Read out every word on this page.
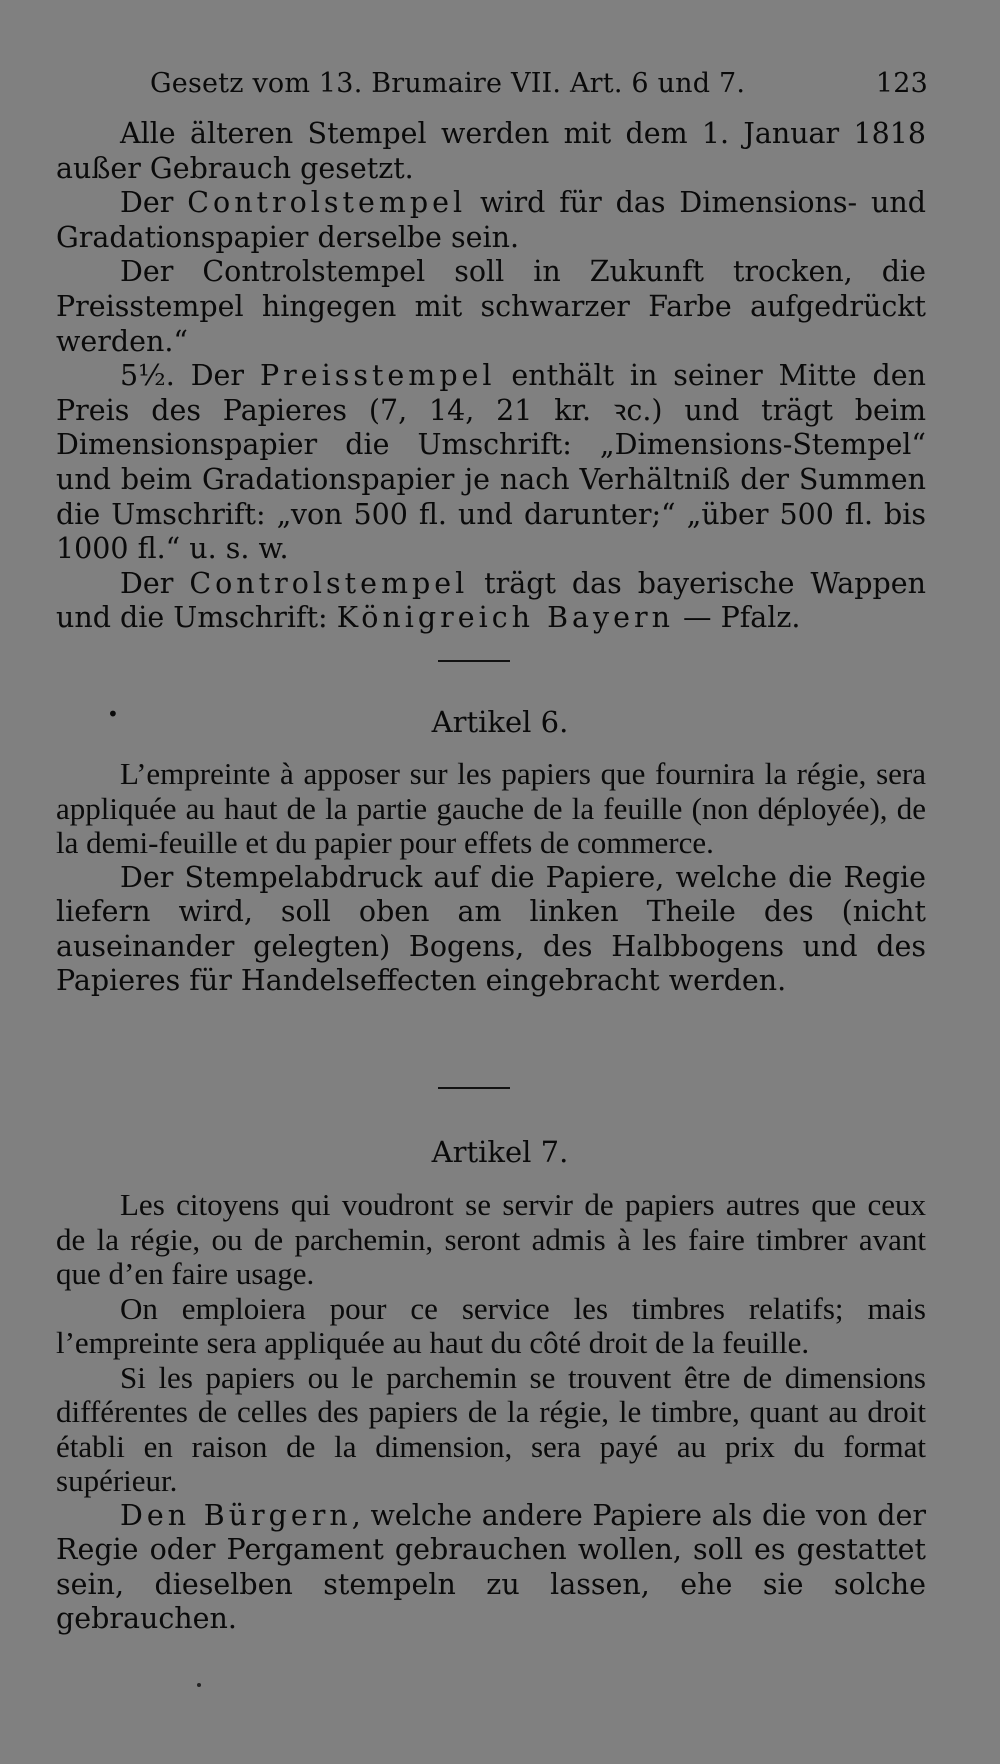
Gesetz vom 13. Brumaire VII. Art. 6 und 7.	123

Alle älteren Stempel werden mit dem 1. Januar 1818 außer Gebrauch gesetzt.

Der Controlstempel wird für das Dimensions- und Gradationspapier derselbe sein.

Der Controlstempel soll in Zukunft trocken, die Preisstempel hingegen mit schwarzer Farbe aufgedrückt werden.“

5½. Der Preisstempel enthält in seiner Mitte den Preis des Papieres (7, 14, 21 kr. ꝛc.) und trägt beim Dimensionspapier die Umschrift: „Dimensions-Stempel“ und beim Gradationspapier je nach Verhältniß der Summen die Umschrift: „von 500 fl. und darunter;“ „über 500 fl. bis 1000 fl.“ u. s. w.

Der Controlstempel trägt das bayerische Wappen und die Umschrift: Königreich Bayern — Pfalz.

•	Artikel 6.

L’empreinte à apposer sur les papiers que fournira la régie, sera appliquée au haut de la partie gauche de la feuille (non déployée), de la demi-feuille et du papier pour effets de commerce.

Der Stempelabdruck auf die Papiere, welche die Regie liefern wird, soll oben am linken Theile des (nicht auseinander gelegten) Bogens, des Halbbogens und des Papieres für Handelseffecten eingebracht werden.

Artikel 7.

Les citoyens qui voudront se servir de papiers autres que ceux de la régie, ou de parchemin, seront admis à les faire timbrer avant que d’en faire usage.

On emploiera pour ce service les timbres relatifs; mais l’empreinte sera appliquée au haut du côté droit de la feuille.

Si les papiers ou le parchemin se trouvent être de dimensions différentes de celles des papiers de la régie, le timbre, quant au droit établi en raison de la dimension, sera payé au prix du format supérieur.

Den Bürgern, welche andere Papiere als die von der Regie oder Pergament gebrauchen wollen, soll es gestattet sein, dieselben stempeln zu lassen, ehe sie solche gebrauchen.
